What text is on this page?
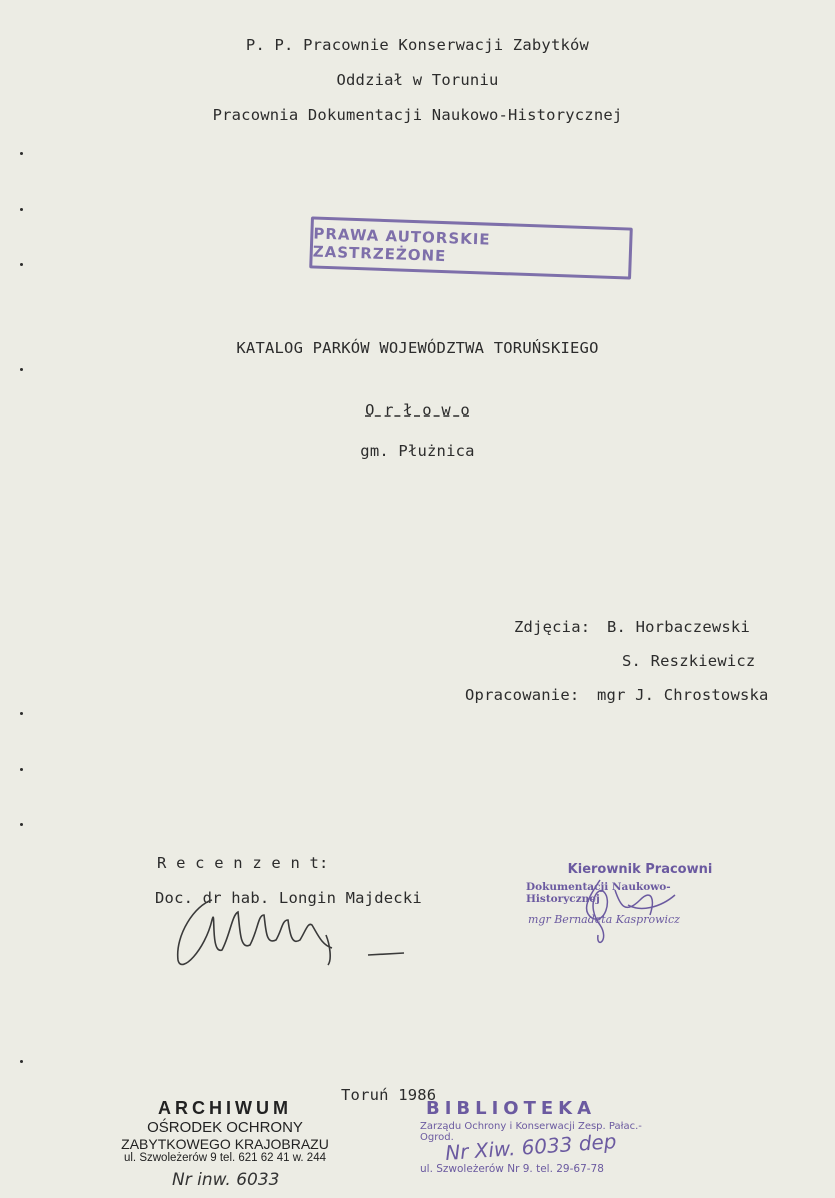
P. P. Pracownie Konserwacji Zabytków
Oddział w Toruniu
Pracownia Dokumentacji Naukowo-Historycznej
PRAWA AUTORSKIE ZASTRZEŻONE
KATALOG PARKÓW WOJEWÓDZTWA TORUŃSKIEGO
O r ł o w o
gm. Płużnica
Zdjęcia: B. Horbaczewski
S. Reszkiewicz
Opracowanie: mgr J. Chrostowska
R e c e n z e n t:
Doc. dr hab. Longin Majdecki
Kierownik Pracowni
Dokumentacji Naukowo-Historycznej
mgr Bernadeta Kasprowicz
Toruń 1986
ARCHIWUM
OŚRODEK OCHRONY
ZABYTKOWEGO KRAJOBRAZU
ul. Szwoleżerów 9 tel. 621 62 41 w. 244
Nr inw. 6033
BIBLIOTEKA
Zarządu Ochrony i Konserwacji Zesp. Pałac.-Ogrod.
ul. Szwoleżerów Nr 9. tel. 29-67-78
Nr Xiw. 6033 dep
